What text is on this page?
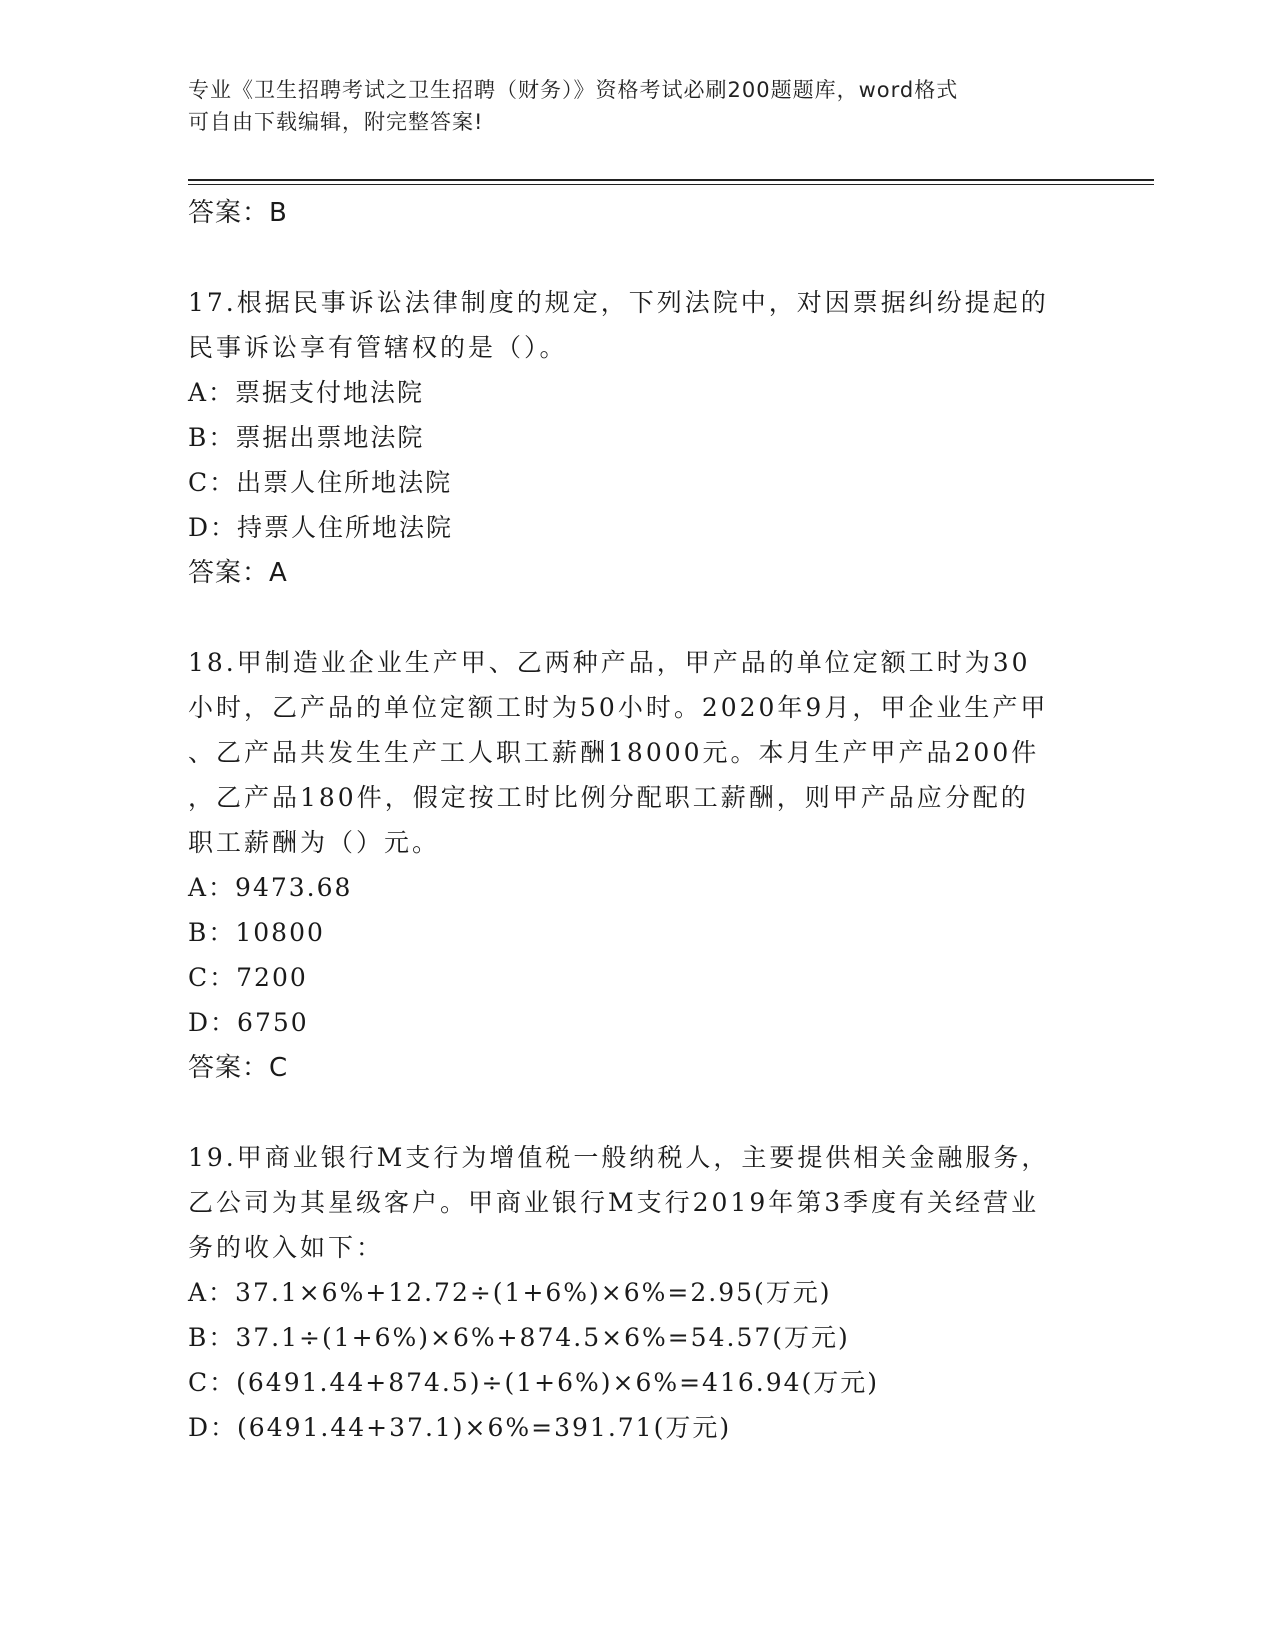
专业《卫生招聘考试之卫生招聘（财务）》资格考试必刷200题题库，word格式
可自由下载编辑，附完整答案!
答案：B
17.根据民事诉讼法律制度的规定，下列法院中，对因票据纠纷提起的
民事诉讼享有管辖权的是（）。
A：票据支付地法院
B：票据出票地法院
C：出票人住所地法院
D：持票人住所地法院
答案：A
18.甲制造业企业生产甲、乙两种产品，甲产品的单位定额工时为30
小时，乙产品的单位定额工时为50小时。2020年9月，甲企业生产甲
、乙产品共发生生产工人职工薪酬18000元。本月生产甲产品200件
，乙产品180件，假定按工时比例分配职工薪酬，则甲产品应分配的
职工薪酬为（）元。
A：9473.68
B：10800
C：7200
D：6750
答案：C
19.甲商业银行M支行为增值税一般纳税人，主要提供相关金融服务，
乙公司为其星级客户。甲商业银行M支行2019年第3季度有关经营业
务的收入如下：
A：37.1×6%+12.72÷(1+6%)×6%=2.95(万元)
B：37.1÷(1+6%)×6%+874.5×6%=54.57(万元)
C：(6491.44+874.5)÷(1+6%)×6%=416.94(万元)
D：(6491.44+37.1)×6%=391.71(万元)
